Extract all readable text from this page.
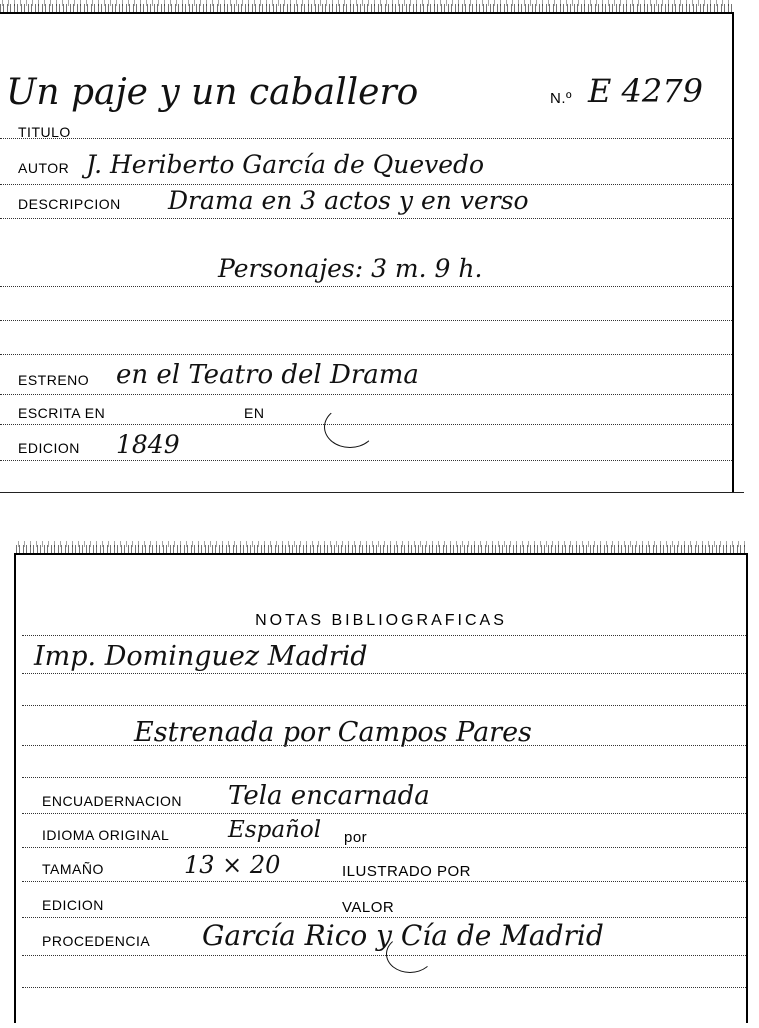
Un paje y un caballero	N.º E 4279
TITULO
AUTOR J. Heriberto García de Quevedo
DESCRIPCION Drama en 3 actos y en verso
Personajes: 3 m. 9 h.
ESTRENO en el Teatro del Drama
ESCRITA EN	EN
EDICION 1849
NOTAS BIBLIOGRAFICAS
Imp. Dominguez Madrid
Estrenada por Campos Pares
ENCUADERNACION Tela encarnada
IDIOMA ORIGINAL	Español por
TAMAÑO	13 × 20	ILUSTRADO POR
EDICION	VALOR
PROCEDENCIA García Rico y Cía de Madrid
